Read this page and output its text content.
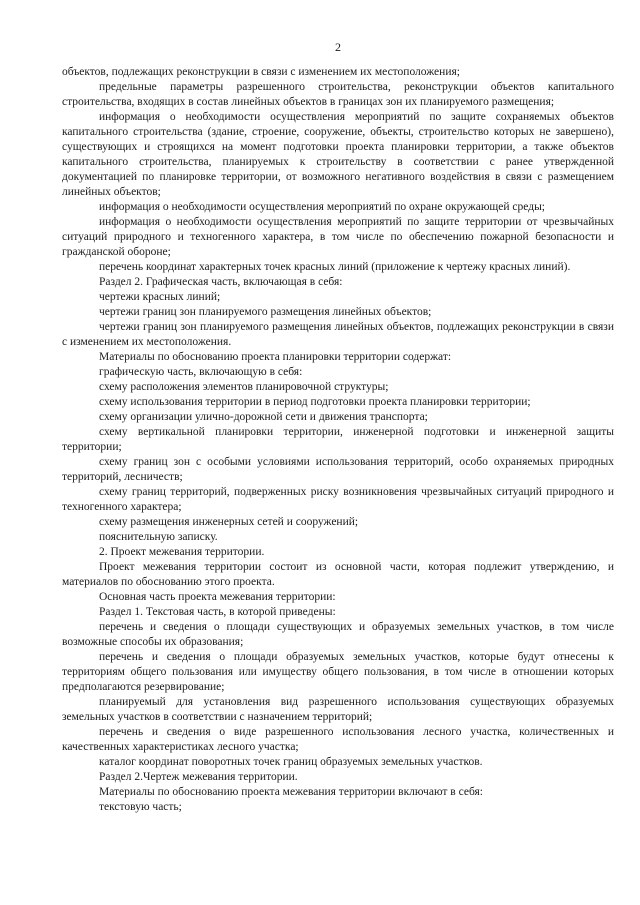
2

объектов, подлежащих реконструкции в связи с изменением их местоположения;

предельные параметры разрешенного строительства, реконструкции объектов капитального строительства, входящих в состав линейных объектов в границах зон их планируемого размещения;

информация о необходимости осуществления мероприятий по защите сохраняемых объектов капитального строительства (здание, строение, сооружение, объекты, строительство которых не завершено), существующих и строящихся на момент подготовки проекта планировки территории, а также объектов капитального строительства, планируемых к строительству в соответствии с ранее утвержденной документацией по планировке территории, от возможного негативного воздействия в связи с размещением линейных объектов;

информация о необходимости осуществления мероприятий по охране окружающей среды;

информация о необходимости осуществления мероприятий по защите территории от чрезвычайных ситуаций природного и техногенного характера, в том числе по обеспечению пожарной безопасности и гражданской обороне;

перечень координат характерных точек красных линий (приложение к чертежу красных линий).

Раздел 2. Графическая часть, включающая в себя:

чертежи красных линий;

чертежи границ зон планируемого размещения линейных объектов;

чертежи границ зон планируемого размещения линейных объектов, подлежащих реконструкции в связи с изменением их местоположения.

Материалы по обоснованию проекта планировки территории содержат:

графическую часть, включающую в себя:

схему расположения элементов планировочной структуры;

схему использования территории в период подготовки проекта планировки территории;

схему организации улично-дорожной сети и движения транспорта;

схему вертикальной планировки территории, инженерной подготовки и инженерной защиты территории;

схему границ зон с особыми условиями использования территорий, особо охраняемых природных территорий, лесничеств;

схему границ территорий, подверженных риску возникновения чрезвычайных ситуаций природного и техногенного характера;

схему размещения инженерных сетей и сооружений;

пояснительную записку.

2. Проект межевания территории.

Проект межевания территории состоит из основной части, которая подлежит утверждению, и материалов по обоснованию этого проекта.

Основная часть проекта межевания территории:

Раздел 1. Текстовая часть, в которой приведены:

перечень и сведения о площади существующих и образуемых земельных участков, в том числе возможные способы их образования;

перечень и сведения о площади образуемых земельных участков, которые будут отнесены к территориям общего пользования или имуществу общего пользования, в том числе в отношении которых предполагаются резервирование;

планируемый для установления вид разрешенного использования существующих образуемых земельных участков в соответствии с назначением территорий;

перечень и сведения о виде разрешенного использования лесного участка, количественных и качественных характеристиках лесного участка;

каталог координат поворотных точек границ образуемых земельных участков.

Раздел 2.Чертеж межевания территории.

Материалы по обоснованию проекта межевания территории включают в себя:

текстовую часть;
